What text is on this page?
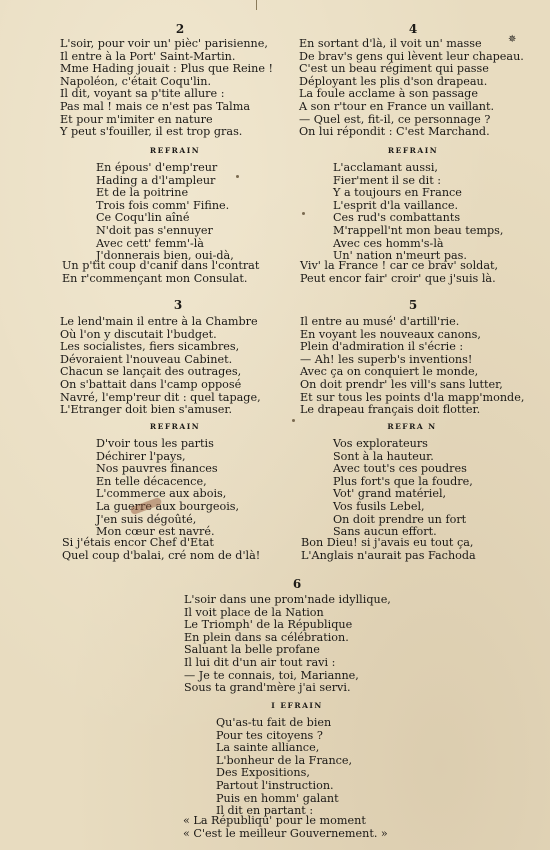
2	4
✵
L'soir, pour voir un' pièc' parisienne,
Il entre à la Port' Saint-Martin.
Mme Hading jouait : Plus que Reine !
Napoléon, c'était Coqu'lin.
Il dit, voyant sa p'tite allure :
Pas mal ! mais ce n'est pas Talma
Et pour m'imiter en nature
Y peut s'fouiller, il est trop gras.
REFRAIN
En épous' d'emp'reur
Hading a d'l'ampleur
Et de la poitrine
Trois fois comm' Fifine.
Ce Coqu'lin aîné
N'doit pas s'ennuyer
Avec cett' femm'-là
J'donnerais bien, oui-dà,
Un p'tit coup d'canif dans l'contrat
En r'commençant mon Consulat.
En sortant d'là, il voit un' masse
De brav's gens qui lèvent leur chapeau.
C'est un beau régiment qui passe
Déployant les plis d'son drapeau.
La foule acclame à son passage
A son r'tour en France un vaillant.
— Quel est, fit-il, ce personnage ?
On lui répondit : C'est Marchand.
REFRAIN
L'acclamant aussi,
Fier'ment il se dit :
Y a toujours en France
L'esprit d'la vaillance.
Ces rud's combattants
M'rappell'nt mon beau temps,
Avec ces homm's-là
Un' nation n'meurt pas.
Viv' la France ! car ce brav' soldat,
Peut encor fair' croir' que j'suis là.
3
Le lend'main il entre à la Chambre
Où l'on y discutait l'budget.
Les socialistes, fiers sicambres,
Dévoraient l'nouveau Cabinet.
Chacun se lançait des outrages,
On s'battait dans l'camp opposé
Navré, l'emp'reur dit : quel tapage,
L'Etranger doit bien s'amuser.
REFRAIN
D'voir tous les partis
Déchirer l'pays,
Nos pauvres finances
En telle décacence,
L'commerce aux abois,
La guerre aux bourgeois,
J'en suis dégoûté,
Mon cœur est navré.
Si j'étais encor Chef d'Etat
Quel coup d'balai, cré nom de d'là!
5
Il entre au musé' d'artill'rie.
En voyant les nouveaux canons,
Plein d'admiration il s'écrie :
— Ah! les superb's inventions!
Avec ça on conquiert le monde,
On doit prendr' les vill's sans lutter,
Et sur tous les points d'la mapp'monde,
Le drapeau français doit flotter.
REFRA N
Vos explorateurs
Sont à la hauteur.
Avec tout's ces poudres
Plus fort's que la foudre,
Vot' grand matériel,
Vos fusils Lebel,
On doit prendre un fort
Sans aucun effort.
Bon Dieu! si j'avais eu tout ça,
L'Anglais n'aurait pas Fachoda
6
L'soir dans une prom'nade idyllique,
Il voit place de la Nation
Le Triomph' de la République
En plein dans sa célébration.
Saluant la belle profane
Il lui dit d'un air tout ravi :
— Je te connais, toi, Marianne,
Sous ta grand'mère j'ai servi.
I EFRAIN
Qu'as-tu fait de bien
Pour tes citoyens ?
La sainte alliance,
L'bonheur de la France,
Des Expositions,
Partout l'instruction.
Puis en homm' galant
Il dit en partant :
« La Républiqu' pour le moment
« C'est le meilleur Gouvernement. »
